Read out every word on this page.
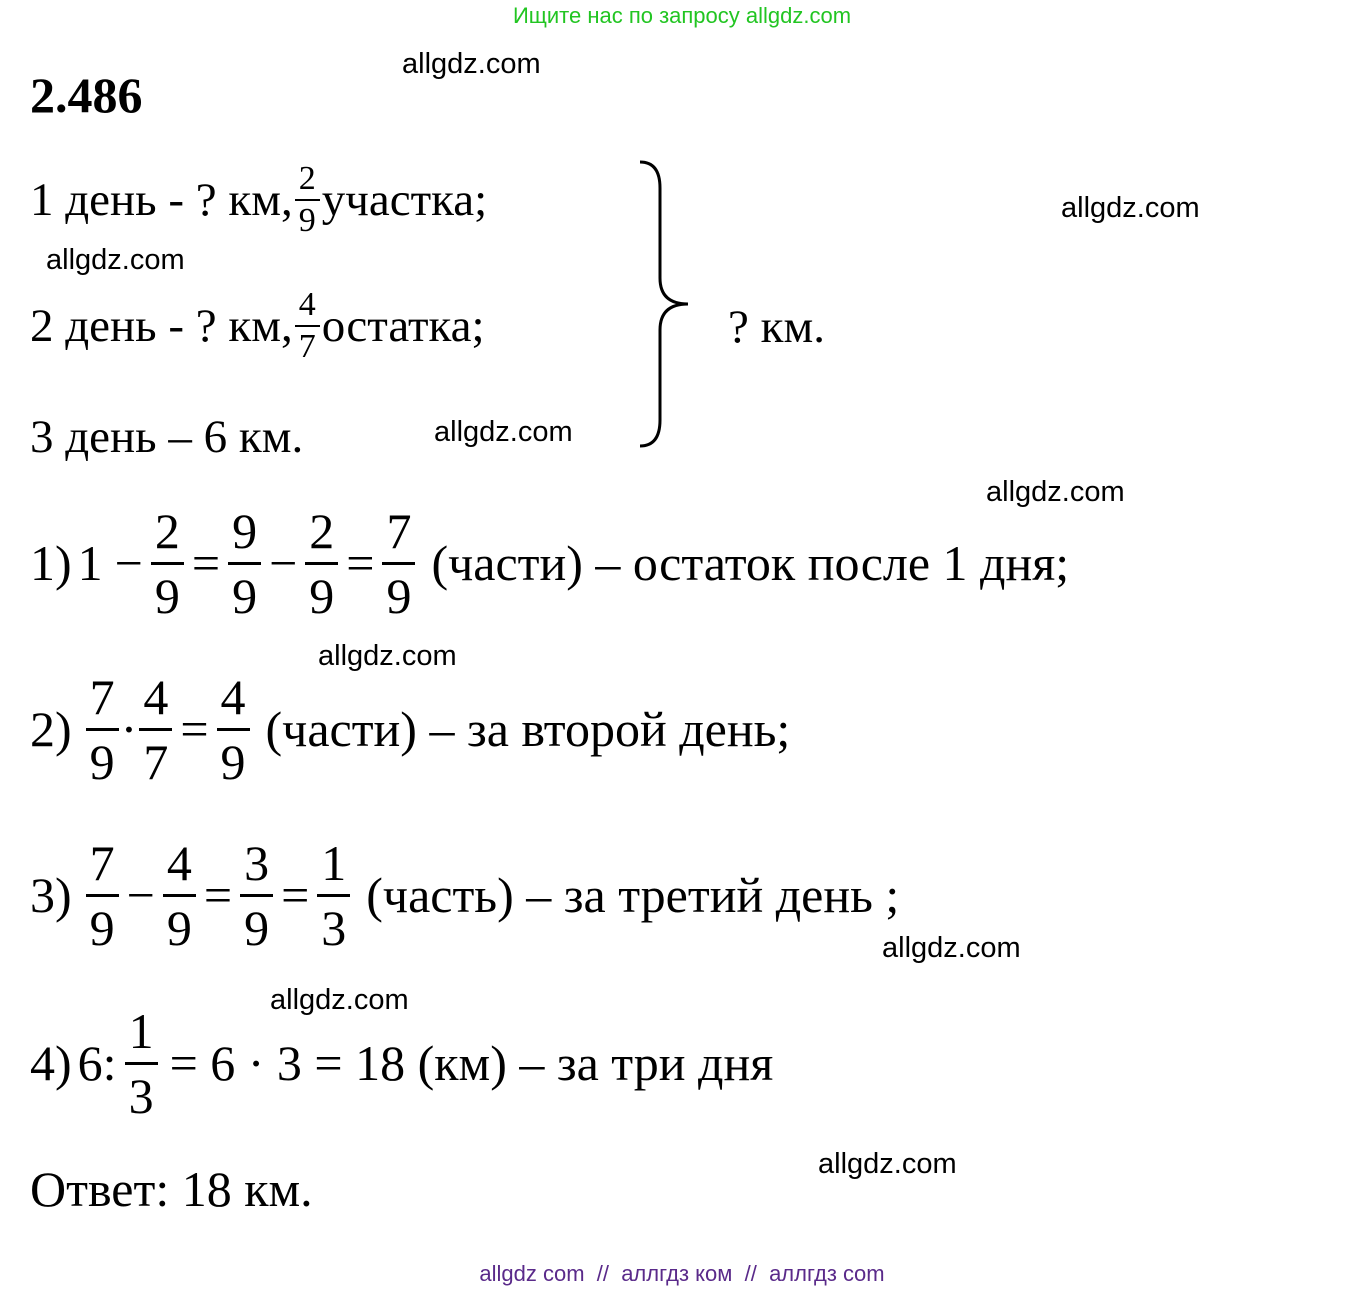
Ищите нас по запросу allgdz.com
2.486
allgdz.com
allgdz.com
allgdz.com
allgdz.com
allgdz.com
allgdz.com
allgdz.com
allgdz.com
allgdz.com
1 день - ? км, $\frac{2}{9}$ участка;
2 день - ? км, $\frac{4}{7}$ остатка;
3 день – 6 км.
? км.
1) $1 - \frac{2}{9} = \frac{9}{9} - \frac{2}{9} = \frac{7}{9}$ (части) – остаток после 1 дня;
$2) \frac{7}{9} \cdot \frac{4}{7} = \frac{4}{9}$ (части) – за второй день;
$3) \frac{7}{9} - \frac{4}{9} = \frac{3}{9} = \frac{1}{3}$ (часть) – за третий день ;
4) 6: $\frac{1}{3} = 6 \cdot 3 = 18$ (км) – за три дня
Ответ: 18 км.
allgdz com  //  аллгдз ком  //  аллгдз com
